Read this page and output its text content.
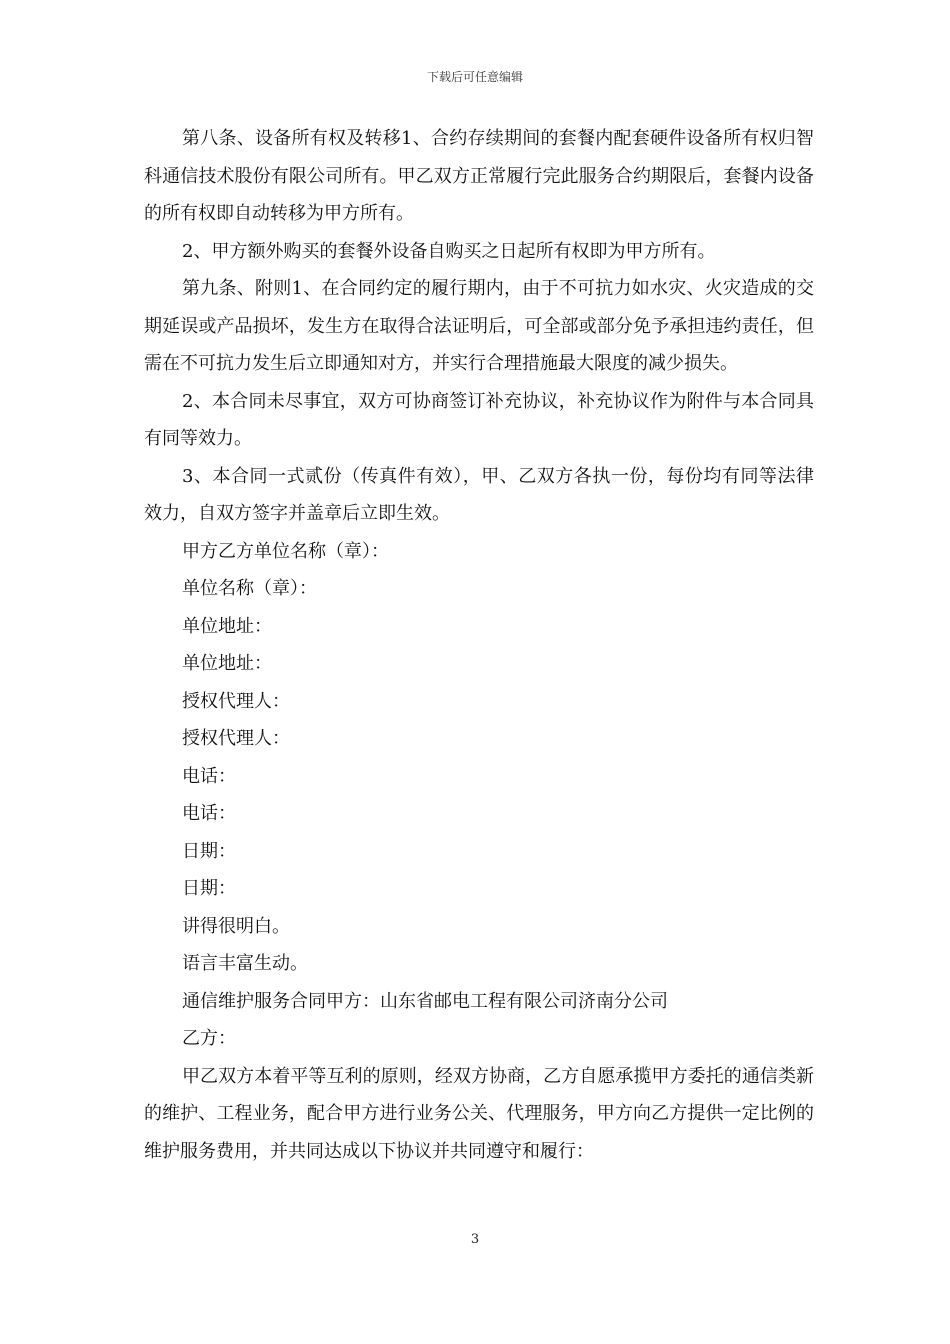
下载后可任意编辑

第八条、设备所有权及转移1、合约存续期间的套餐内配套硬件设备所有权归智科通信技术股份有限公司所有。甲乙双方正常履行完此服务合约期限后，套餐内设备的所有权即自动转移为甲方所有。

2、甲方额外购买的套餐外设备自购买之日起所有权即为甲方所有。

第九条、附则1、在合同约定的履行期内，由于不可抗力如水灾、火灾造成的交期延误或产品损坏，发生方在取得合法证明后，可全部或部分免予承担违约责任，但需在不可抗力发生后立即通知对方，并实行合理措施最大限度的减少损失。

2、本合同未尽事宜，双方可协商签订补充协议，补充协议作为附件与本合同具有同等效力。

3、本合同一式贰份（传真件有效），甲、乙双方各执一份，每份均有同等法律效力，自双方签字并盖章后立即生效。

甲方乙方单位名称（章）：

单位名称（章）：

单位地址：

单位地址：

授权代理人：

授权代理人：

电话：

电话：

日期：

日期：

讲得很明白。

语言丰富生动。

通信维护服务合同甲方：山东省邮电工程有限公司济南分公司

乙方：

甲乙双方本着平等互利的原则，经双方协商，乙方自愿承揽甲方委托的通信类新的维护、工程业务，配合甲方进行业务公关、代理服务，甲方向乙方提供一定比例的维护服务费用，并共同达成以下协议并共同遵守和履行：

3
